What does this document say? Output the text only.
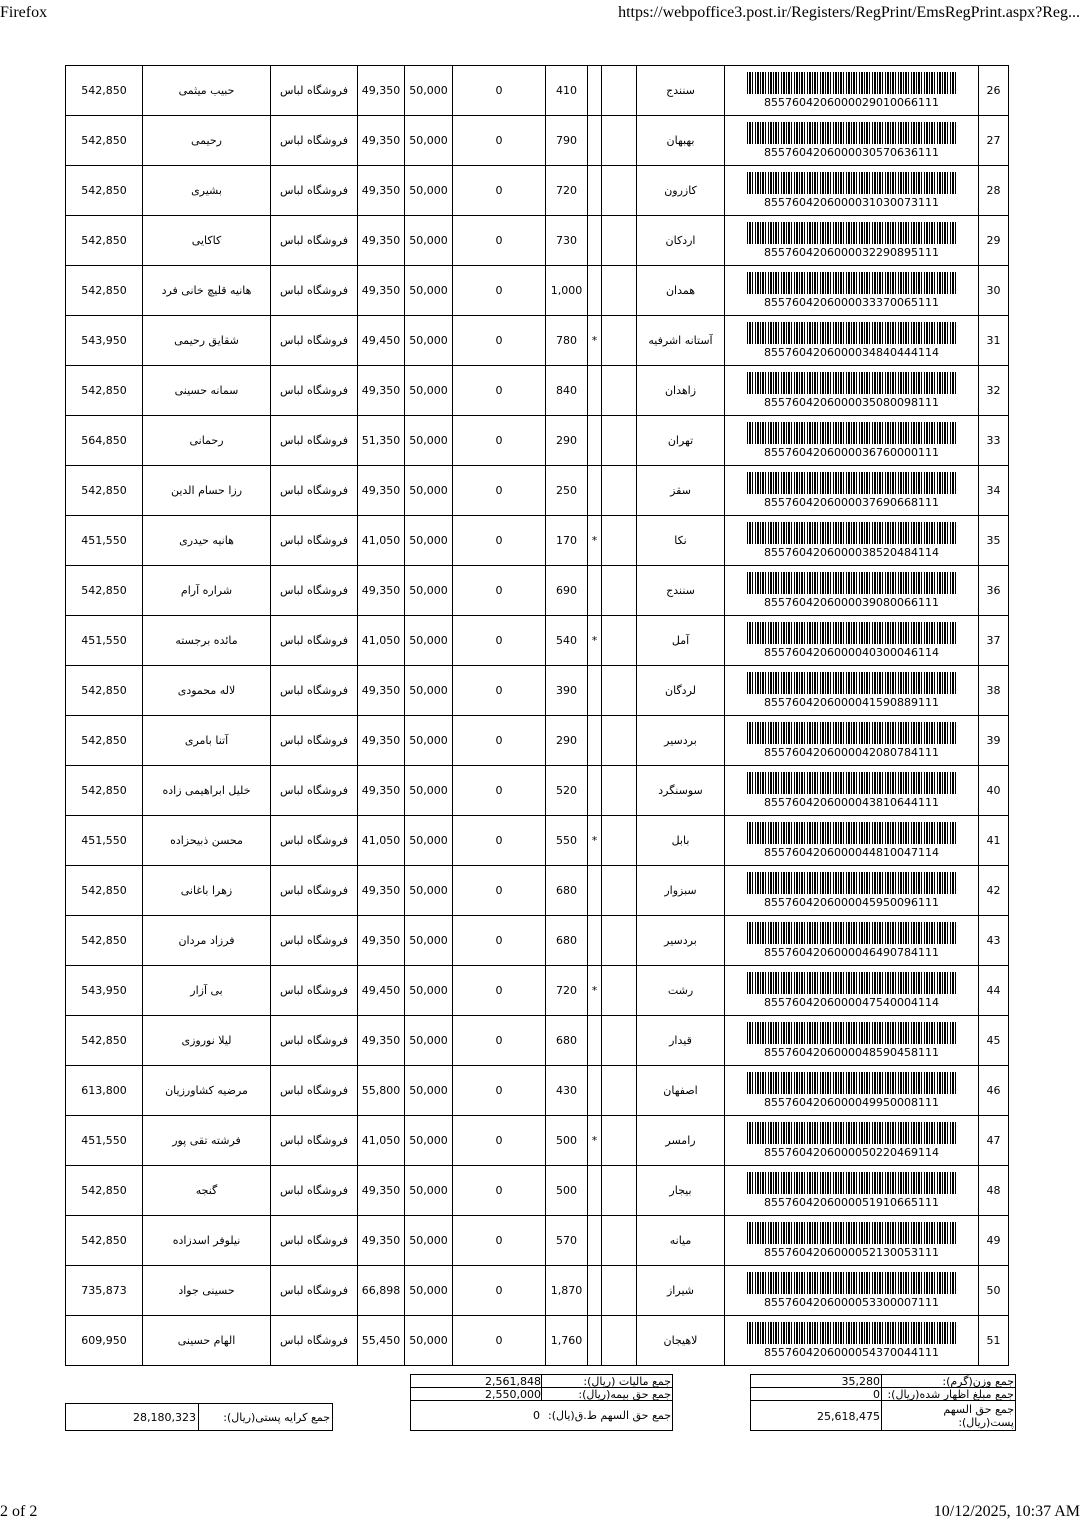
Firefox	https://webpoffice3.post.ir/Registers/RegPrint/EmsRegPrint.aspx?Reg...
542,850	حبیب میثمی	فروشگاه لباس	49,350	50,000	0	410			سنندج	8557604206000029010066111	26
542,850	رحیمی	فروشگاه لباس	49,350	50,000	0	790			بهبهان	8557604206000030570636111	27
542,850	بشیری	فروشگاه لباس	49,350	50,000	0	720			کازرون	8557604206000031030073111	28
542,850	کاکایی	فروشگاه لباس	49,350	50,000	0	730			اردکان	8557604206000032290895111	29
542,850	هانیه قلیچ خانی فرد	فروشگاه لباس	49,350	50,000	0	1,000			همدان	8557604206000033370065111	30
543,950	شقایق رحیمی	فروشگاه لباس	49,450	50,000	0	780	*		آستانه اشرفیه	8557604206000034840444114	31
542,850	سمانه حسینی	فروشگاه لباس	49,350	50,000	0	840			زاهدان	8557604206000035080098111	32
564,850	رحمانی	فروشگاه لباس	51,350	50,000	0	290			تهران	8557604206000036760000111	33
542,850	رزا حسام الدین	فروشگاه لباس	49,350	50,000	0	250			سقز	8557604206000037690668111	34
451,550	هانیه حیدری	فروشگاه لباس	41,050	50,000	0	170	*		نکا	8557604206000038520484114	35
542,850	شراره آرام	فروشگاه لباس	49,350	50,000	0	690			سنندج	8557604206000039080066111	36
451,550	مائده برجسته	فروشگاه لباس	41,050	50,000	0	540	*		آمل	8557604206000040300046114	37
542,850	لاله محمودی	فروشگاه لباس	49,350	50,000	0	390			لردگان	8557604206000041590889111	38
542,850	آتنا بامری	فروشگاه لباس	49,350	50,000	0	290			بردسیر	8557604206000042080784111	39
542,850	خلیل ابراهیمی زاده	فروشگاه لباس	49,350	50,000	0	520			سوسنگرد	8557604206000043810644111	40
451,550	محسن ذبیحزاده	فروشگاه لباس	41,050	50,000	0	550	*		بابل	8557604206000044810047114	41
542,850	زهرا باغانی	فروشگاه لباس	49,350	50,000	0	680			سبزوار	8557604206000045950096111	42
542,850	فرزاد مردان	فروشگاه لباس	49,350	50,000	0	680			بردسیر	8557604206000046490784111	43
543,950	بی آزار	فروشگاه لباس	49,450	50,000	0	720	*		رشت	8557604206000047540004114	44
542,850	لیلا نوروزی	فروشگاه لباس	49,350	50,000	0	680			قیدار	8557604206000048590458111	45
613,800	مرضیه کشاورزیان	فروشگاه لباس	55,800	50,000	0	430			اصفهان	8557604206000049950008111	46
451,550	فرشته تقی پور	فروشگاه لباس	41,050	50,000	0	500	*		رامسر	8557604206000050220469114	47
542,850	گنجه	فروشگاه لباس	49,350	50,000	0	500			بیجار	8557604206000051910665111	48
542,850	نیلوفر اسدزاده	فروشگاه لباس	49,350	50,000	0	570			میانه	8557604206000052130053111	49
735,873	حسینی جواد	فروشگاه لباس	66,898	50,000	0	1,870			شیراز	8557604206000053300007111	50
609,950	الهام حسینی	فروشگاه لباس	55,450	50,000	0	1,760			لاهیجان	8557604206000054370044111	51
جمع مالیات (ریال):
2,561,848
جمع حق بیمه(ریال):
2,550,000
جمع حق السهم ط.ق(یال):
0
جمع وزن(گرم):
35,280
جمع مبلغ اظهار شده(ریال):
0
جمع حق السهم پست(ریال):
25,618,475
جمع کرایه پستی(ریال):
28,180,323
2 of 2	10/12/2025, 10:37 AM
